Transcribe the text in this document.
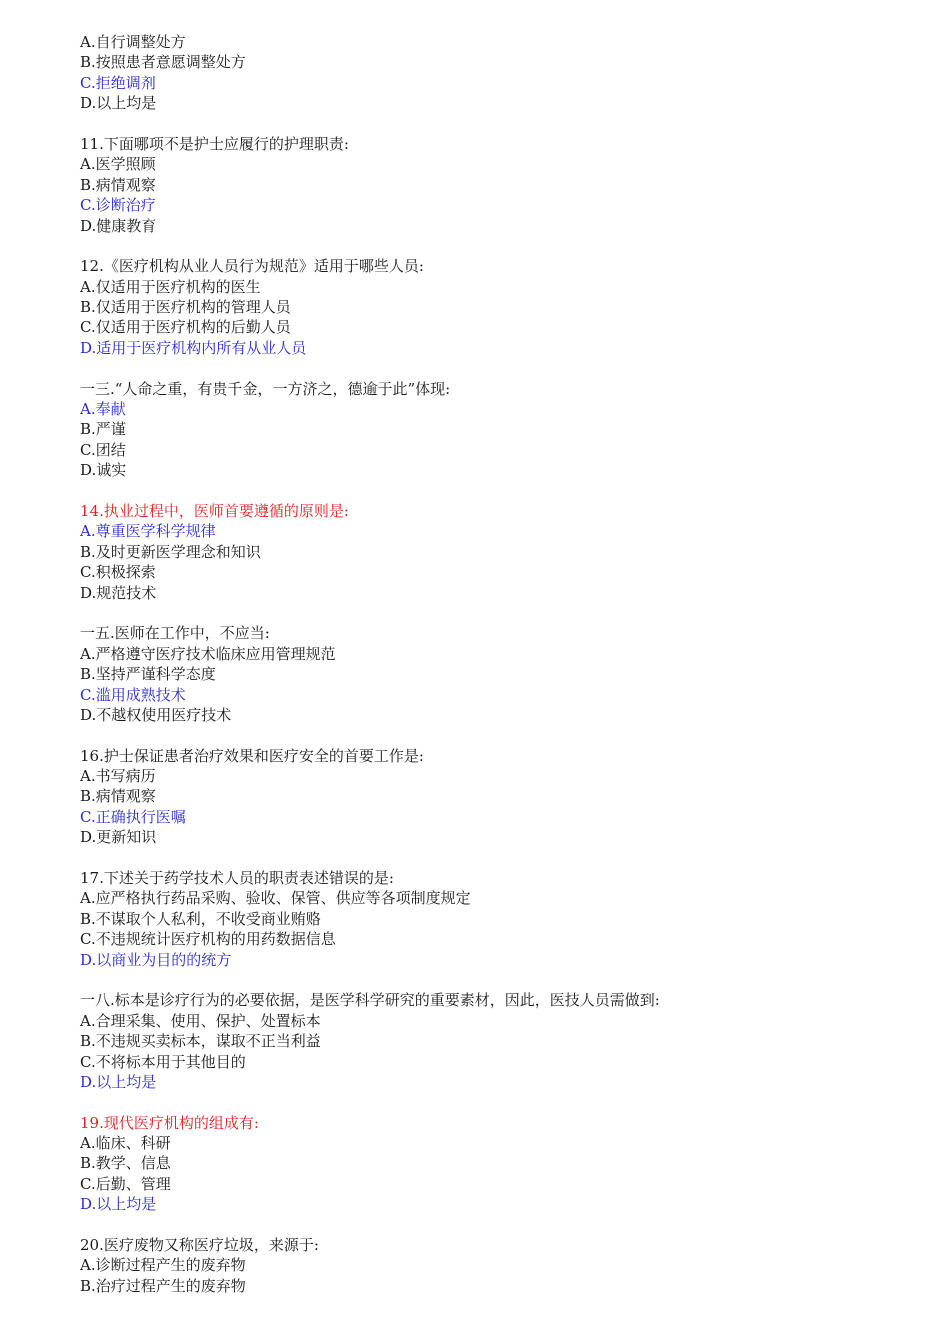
A.自行调整处方
B.按照患者意愿调整处方
C.拒绝调剂
D.以上均是
11.下面哪项不是护士应履行的护理职责:
A.医学照顾
B.病情观察
C.诊断治疗
D.健康教育
12.《医疗机构从业人员行为规范》适用于哪些人员:
A.仅适用于医疗机构的医生
B.仅适用于医疗机构的管理人员
C.仅适用于医疗机构的后勤人员
D.适用于医疗机构内所有从业人员
一三.“人命之重，有贵千金，一方济之，德逾于此”体现:
A.奉献
B.严谨
C.团结
D.诚实
14.执业过程中，医师首要遵循的原则是:
A.尊重医学科学规律
B.及时更新医学理念和知识
C.积极探索
D.规范技术
一五.医师在工作中，不应当:
A.严格遵守医疗技术临床应用管理规范
B.坚持严谨科学态度
C.滥用成熟技术
D.不越权使用医疗技术
16.护士保证患者治疗效果和医疗安全的首要工作是:
A.书写病历
B.病情观察
C.正确执行医嘱
D.更新知识
17.下述关于药学技术人员的职责表述错误的是:
A.应严格执行药品采购、验收、保管、供应等各项制度规定
B.不谋取个人私利，不收受商业贿赂
C.不违规统计医疗机构的用药数据信息
D.以商业为目的的统方
一八.标本是诊疗行为的必要依据，是医学科学研究的重要素材，因此，医技人员需做到:
A.合理采集、使用、保护、处置标本
B.不违规买卖标本，谋取不正当利益
C.不将标本用于其他目的
D.以上均是
19.现代医疗机构的组成有:
A.临床、科研
B.教学、信息
C.后勤、管理
D.以上均是
20.医疗废物又称医疗垃圾，来源于:
A.诊断过程产生的废弃物
B.治疗过程产生的废弃物
